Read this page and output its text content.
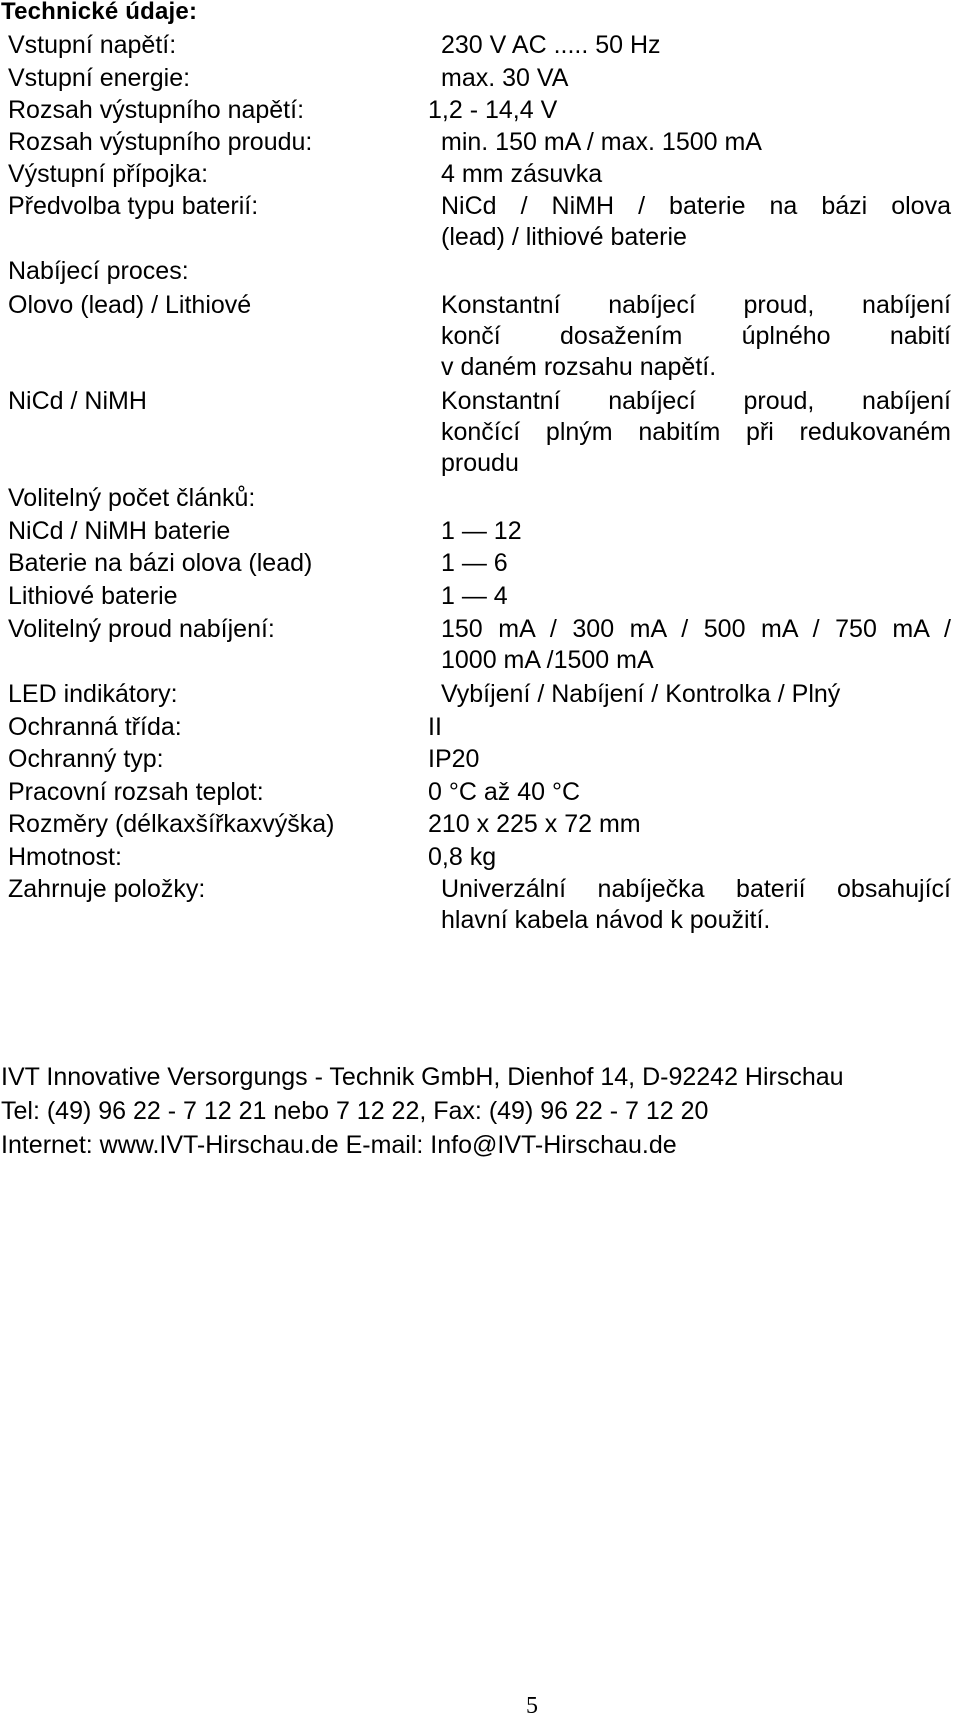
Technické údaje:
Vstupní napětí:	230 V AC ..... 50 Hz
Vstupní energie:	max. 30 VA
Rozsah výstupního napětí:	1,2 - 14,4 V
Rozsah výstupního proudu:	min. 150 mA / max. 1500 mA
Výstupní přípojka:	4 mm zásuvka
Předvolba typu baterií:	NiCd / NiMH / baterie na bázi olova
(lead) / lithiové baterie
Nabíjecí proces:
Olovo (lead) / Lithiové	Konstantní nabíjecí proud, nabíjení
končí dosažením úplného nabití
v daném rozsahu napětí.
NiCd / NiMH	Konstantní nabíjecí proud, nabíjení
končící plným nabitím při redukovaném
proudu
Volitelný počet článků:
NiCd / NiMH baterie	1 — 12
Baterie na bázi olova (lead)	1 — 6
Lithiové baterie	1 — 4
Volitelný proud nabíjení:	150 mA / 300 mA / 500 mA / 750 mA /
1000 mA /1500 mA
LED indikátory:	Vybíjení / Nabíjení / Kontrolka / Plný
Ochranná třída:	II
Ochranný typ:	IP20
Pracovní rozsah teplot:	0 °C až 40 °C
Rozměry (délkaxšířkaxvýška)	210 x 225 x 72 mm
Hmotnost:	0,8 kg
Zahrnuje položky:	Univerzální nabíječka baterií obsahující
hlavní kabela návod k použití.
IVT Innovative Versorgungs - Technik GmbH, Dienhof 14, D-92242 Hirschau
Tel: (49) 96 22 - 7 12 21 nebo 7 12 22, Fax: (49) 96 22 - 7 12 20
Internet: www.IVT-Hirschau.de E-mail: Info@IVT-Hirschau.de
5
